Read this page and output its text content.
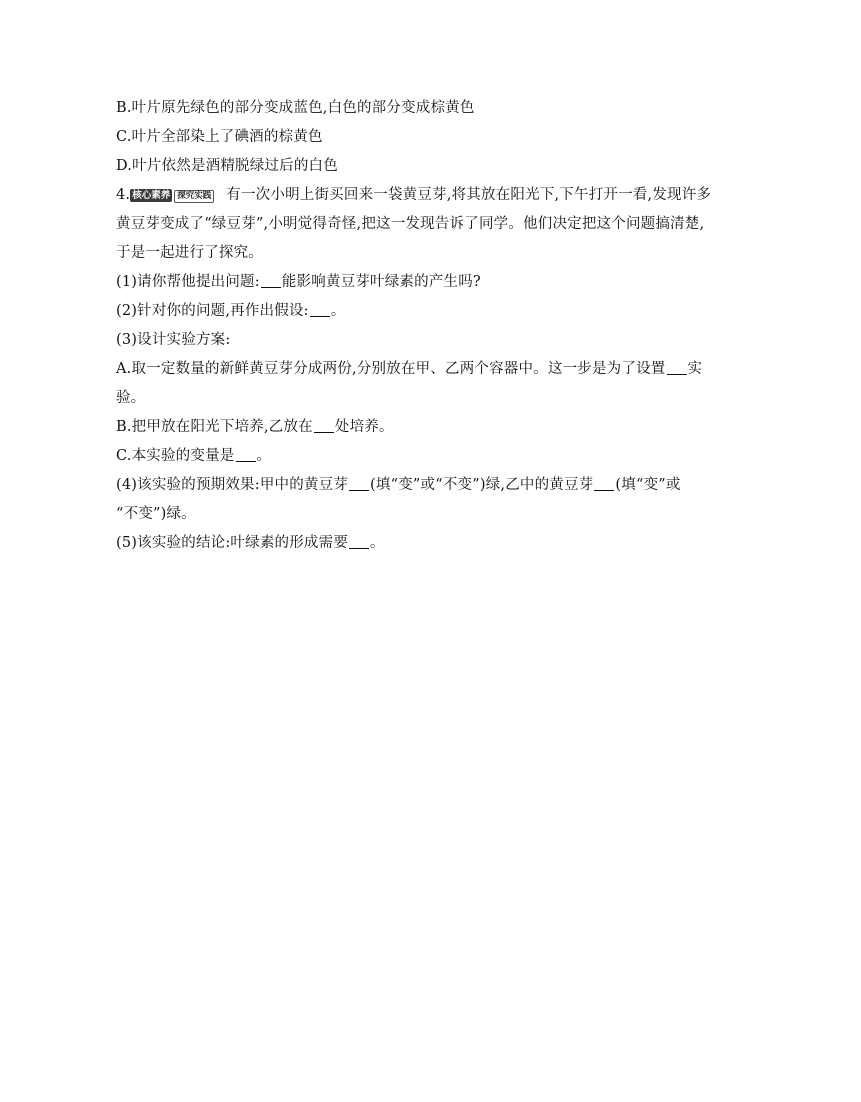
B.叶片原先绿色的部分变成蓝色,白色的部分变成棕黄色
C.叶片全部染上了碘酒的棕黄色
D.叶片依然是酒精脱绿过后的白色
4. 核心素养 探究实践 有一次小明上街买回来一袋黄豆芽,将其放在阳光下,下午打开一看,发现许多
黄豆芽变成了“绿豆芽”,小明觉得奇怪,把这一发现告诉了同学。他们决定把这个问题搞清楚,
于是一起进行了探究。
(1)请你帮他提出问题: 能影响黄豆芽叶绿素的产生吗?
(2)针对你的问题,再作出假设: 。
(3)设计实验方案:
A.取一定数量的新鲜黄豆芽分成两份,分别放在甲、乙两个容器中。这一步是为了设置 实
验。
B.把甲放在阳光下培养,乙放在 处培养。
C.本实验的变量是 。
(4)该实验的预期效果:甲中的黄豆芽 (填“变”或“不变”)绿,乙中的黄豆芽 (填“变”或
“不变”)绿。
(5)该实验的结论:叶绿素的形成需要 。
